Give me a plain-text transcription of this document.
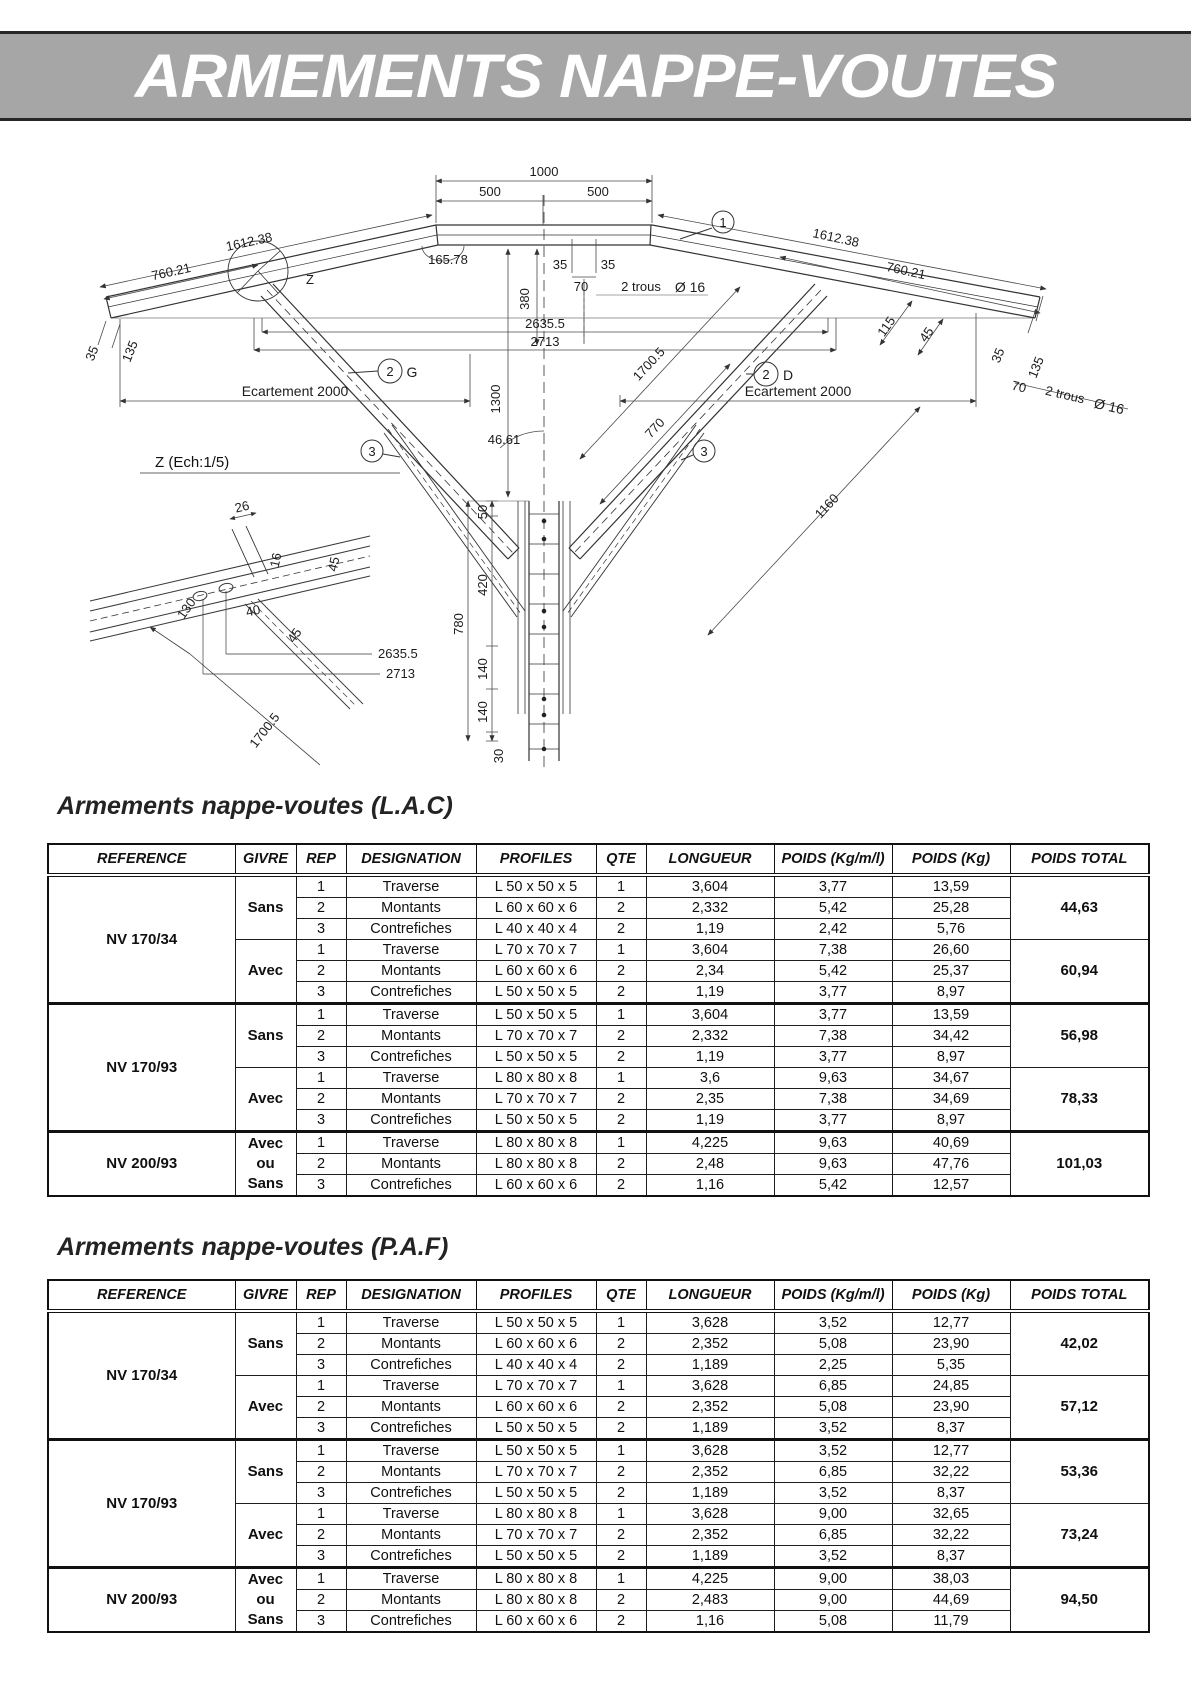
ARMEMENTS NAPPE-VOUTES
1000
500	500
1612.38	1612.38
760.21	760.21
165.78	35	35
70	2 trous Ø 16
380
1300
2635.5
2713
Ecartement 2000	Ecartement 2000
1700.5
770
1160
46.61
115 45
35 135	35 135
70 2 trous Ø 16
50
420
780
140
140
30
Z
Z (Ech:1/5)
26
16	45
130	40
45
2635.5
2713
1700.5
1
2 G	2 D
3	3
Armements nappe-voutes (L.A.C)
REFERENCE	GIVRE	REP	DESIGNATION	PROFILES	QTE	LONGUEUR	POIDS (Kg/m/l)	POIDS (Kg)	POIDS TOTAL
NV 170/34	Sans	1	Traverse	L 50 x 50 x 5	1	3,604	3,77	13,59	44,63
		2	Montants	L 60 x 60 x 6	2	2,332	5,42	25,28	
		3	Contrefiches	L 40 x 40 x 4	2	1,19	2,42	5,76	

	Avec	1	Traverse	L 70 x 70 x 7	1	3,604	7,38	26,60	60,94
		2	Montants	L 60 x 60 x 6	2	2,34	5,42	25,37	
		3	Contrefiches	L 50 x 50 x 5	2	1,19	3,77	8,97	
NV 170/93	Sans	1	Traverse	L 50 x 50 x 5	1	3,604	3,77	13,59	56,98
		2	Montants	L 70 x 70 x 7	2	2,332	7,38	34,42	
		3	Contrefiches	L 50 x 50 x 5	2	1,19	3,77	8,97	

	Avec	1	Traverse	L 80 x 80 x 8	1	3,6	9,63	34,67	78,33
		2	Montants	L 70 x 70 x 7	2	2,35	7,38	34,69	
		3	Contrefiches	L 50 x 50 x 5	2	1,19	3,77	8,97	
NV 200/93	Avec
ou
Sans	1	Traverse	L 80 x 80 x 8	1	4,225	9,63	40,69	101,03
		2	Montants	L 80 x 80 x 8	2	2,48	9,63	47,76	
		3	Contrefiches	L 60 x 60 x 6	2	1,16	5,42	12,57	
Armements nappe-voutes (P.A.F)
REFERENCE	GIVRE	REP	DESIGNATION	PROFILES	QTE	LONGUEUR	POIDS (Kg/m/l)	POIDS (Kg)	POIDS TOTAL
NV 170/34	Sans	1	Traverse	L 50 x 50 x 5	1	3,628	3,52	12,77	42,02
		2	Montants	L 60 x 60 x 6	2	2,352	5,08	23,90	
		3	Contrefiches	L 40 x 40 x 4	2	1,189	2,25	5,35	

	Avec	1	Traverse	L 70 x 70 x 7	1	3,628	6,85	24,85	57,12
		2	Montants	L 60 x 60 x 6	2	2,352	5,08	23,90	
		3	Contrefiches	L 50 x 50 x 5	2	1,189	3,52	8,37	
NV 170/93	Sans	1	Traverse	L 50 x 50 x 5	1	3,628	3,52	12,77	53,36
		2	Montants	L 70 x 70 x 7	2	2,352	6,85	32,22	
		3	Contrefiches	L 50 x 50 x 5	2	1,189	3,52	8,37	

	Avec	1	Traverse	L 80 x 80 x 8	1	3,628	9,00	32,65	73,24
		2	Montants	L 70 x 70 x 7	2	2,352	6,85	32,22	
		3	Contrefiches	L 50 x 50 x 5	2	1,189	3,52	8,37	
NV 200/93	Avec
ou
Sans	1	Traverse	L 80 x 80 x 8	1	4,225	9,00	38,03	94,50
		2	Montants	L 80 x 80 x 8	2	2,483	9,00	44,69	
		3	Contrefiches	L 60 x 60 x 6	2	1,16	5,08	11,79	
